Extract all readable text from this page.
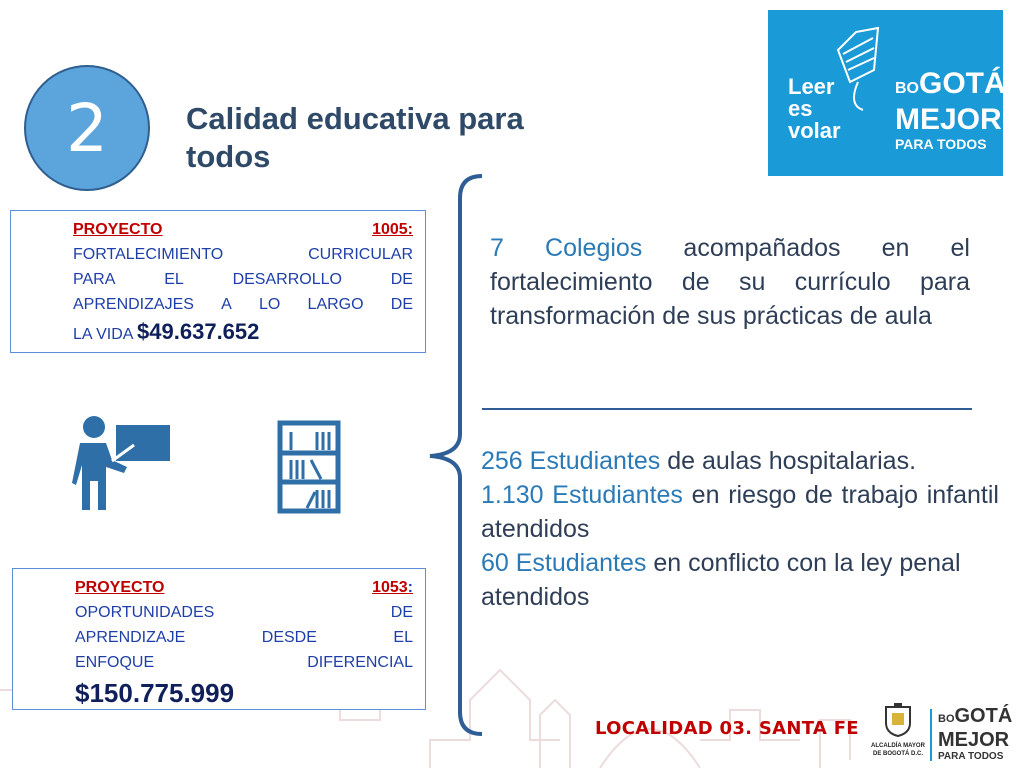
2	Calidad educativa para todos
Leer
es
volar
BOGOTÁ
MEJOR
PARA TODOS
PROYECTO	1005:
FORTALECIMIENTO	CURRICULAR
PARA	EL	DESARROLLO	DE
APRENDIZAJES A LO LARGO DE
LA VIDA $49.637.652
PROYECTO	1053:
OPORTUNIDADES	DE
APRENDIZAJE	DESDE	EL
ENFOQUE	DIFERENCIAL
$150.775.999
7 Colegios acompañados en el fortalecimiento de su currículo para transformación de sus prácticas de aula
256 Estudiantes de aulas hospitalarias.
1.130 Estudiantes en riesgo de trabajo infantil atendidos
60 Estudiantes en conflicto con la ley penal atendidos
LOCALIDAD 03. SANTA FE
ALCALDÍA MAYOR
DE BOGOTÁ D.C.
BOGOTÁ
MEJOR
PARA TODOS
